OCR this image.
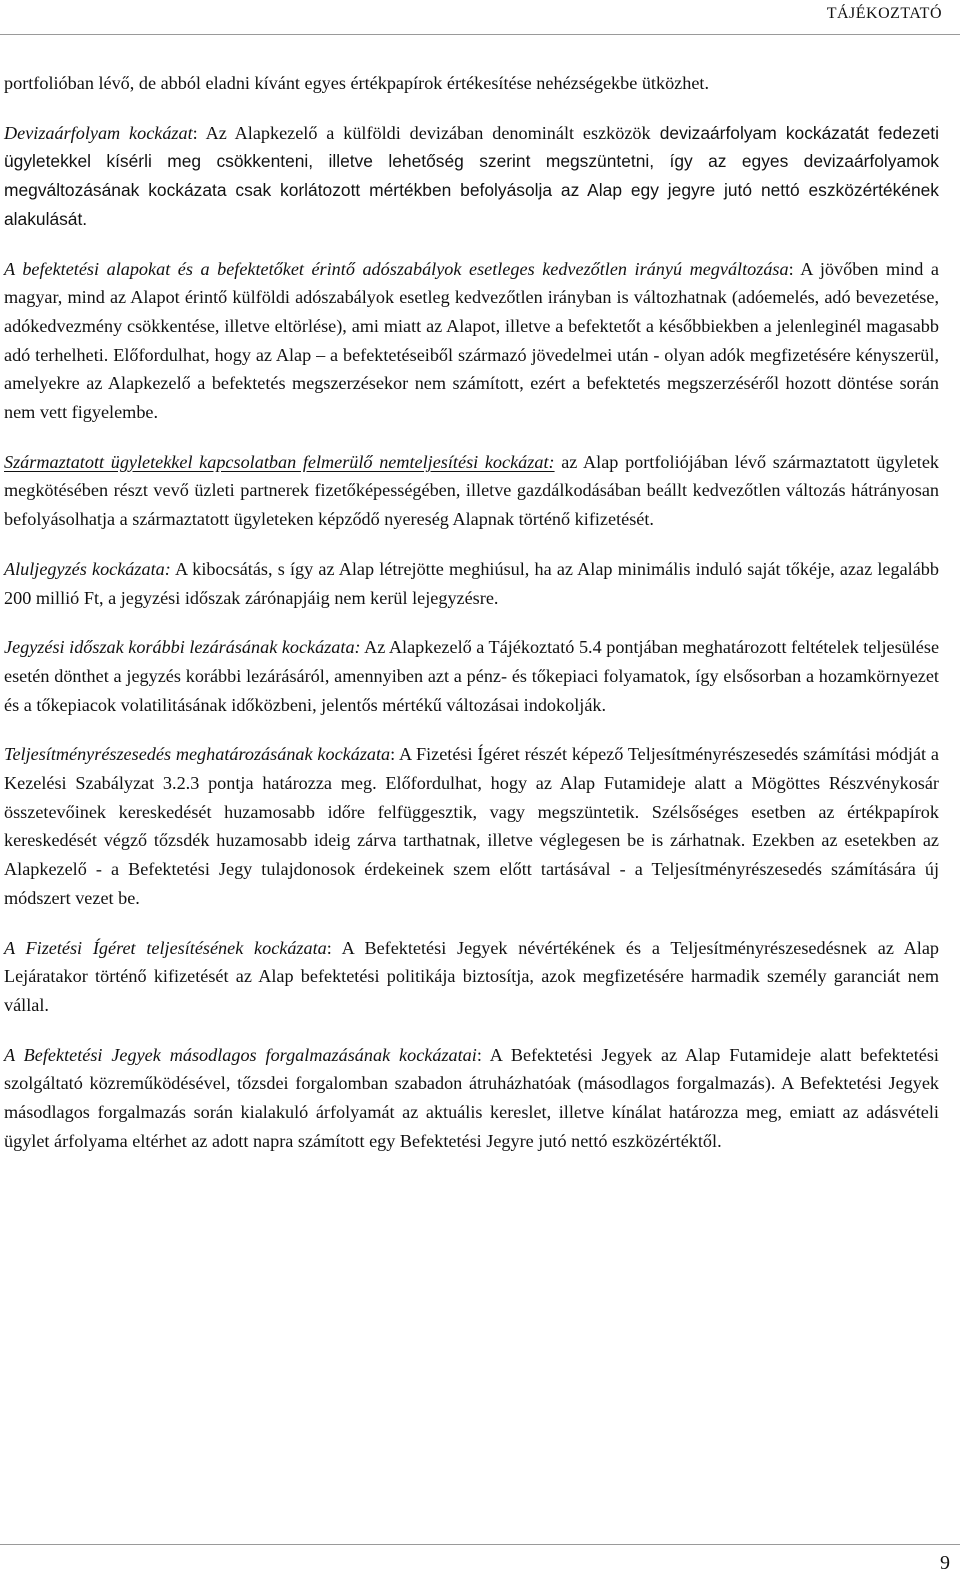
TÁJÉKOZTATÓ

portfolióban lévő, de abból eladni kívánt egyes értékpapírok értékesítése nehézségekbe ütközhet.

Devizaárfolyam kockázat: Az Alapkezelő a külföldi devizában denominált eszközök devizaárfolyam kockázatát fedezeti ügyletekkel kísérli meg csökkenteni, illetve lehetőség szerint megszüntetni, így az egyes devizaárfolyamok megváltozásának kockázata csak korlátozott mértékben befolyásolja az Alap egy jegyre jutó nettó eszközértékének alakulását.

A befektetési alapokat és a befektetőket érintő adószabályok esetleges kedvezőtlen irányú megváltozása: A jövőben mind a magyar, mind az Alapot érintő külföldi adószabályok esetleg kedvezőtlen irányban is változhatnak (adóemelés, adó bevezetése, adókedvezmény csökkentése, illetve eltörlése), ami miatt az Alapot, illetve a befektetőt a későbbiekben a jelenleginél magasabb adó terhelheti. Előfordulhat, hogy az Alap – a befektetéseiből származó jövedelmei után - olyan adók megfizetésére kényszerül, amelyekre az Alapkezelő a befektetés megszerzésekor nem számított, ezért a befektetés megszerzéséről hozott döntése során nem vett figyelembe.

Származtatott ügyletekkel kapcsolatban felmerülő nemteljesítési kockázat: az Alap portfoliójában lévő származtatott ügyletek megkötésében részt vevő üzleti partnerek fizetőképességében, illetve gazdálkodásában beállt kedvezőtlen változás hátrányosan befolyásolhatja a származtatott ügyleteken képződő nyereség Alapnak történő kifizetését.

Aluljegyzés kockázata: A kibocsátás, s így az Alap létrejötte meghiúsul, ha az Alap minimális induló saját tőkéje, azaz legalább 200 millió Ft, a jegyzési időszak zárónapjáig nem kerül lejegyzésre.

Jegyzési időszak korábbi lezárásának kockázata: Az Alapkezelő a Tájékoztató 5.4 pontjában meghatározott feltételek teljesülése esetén dönthet a jegyzés korábbi lezárásáról, amennyiben azt a pénz- és tőkepiaci folyamatok, így elsősorban a hozamkörnyezet és a tőkepiacok volatilitásának időközbeni, jelentős mértékű változásai indokolják.

Teljesítményrészesedés meghatározásának kockázata: A Fizetési Ígéret részét képező Teljesítményrészesedés számítási módját a Kezelési Szabályzat 3.2.3 pontja határozza meg. Előfordulhat, hogy az Alap Futamideje alatt a Mögöttes Részvénykosár összetevőinek kereskedését huzamosabb időre felfüggesztik, vagy megszüntetik. Szélsőséges esetben az értékpapírok kereskedését végző tőzsdék huzamosabb ideig zárva tarthatnak, illetve véglegesen be is zárhatnak. Ezekben az esetekben az Alapkezelő - a Befektetési Jegy tulajdonosok érdekeinek szem előtt tartásával - a Teljesítményrészesedés számítására új módszert vezet be.

A Fizetési Ígéret teljesítésének kockázata: A Befektetési Jegyek névértékének és a Teljesítményrészesedésnek az Alap Lejáratakor történő kifizetését az Alap befektetési politikája biztosítja, azok megfizetésére harmadik személy garanciát nem vállal.

A Befektetési Jegyek másodlagos forgalmazásának kockázatai: A Befektetési Jegyek az Alap Futamideje alatt befektetési szolgáltató közreműködésével, tőzsdei forgalomban szabadon átruházhatóak (másodlagos forgalmazás). A Befektetési Jegyek másodlagos forgalmazás során kialakuló árfolyamát az aktuális kereslet, illetve kínálat határozza meg, emiatt az adásvételi ügylet árfolyama eltérhet az adott napra számított egy Befektetési Jegyre jutó nettó eszközértéktől.

9
